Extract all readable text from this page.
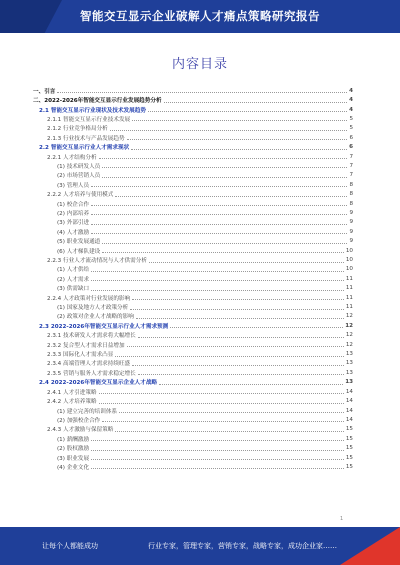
智能交互显示企业破解人才痛点策略研究报告
内容目录
一、引言	4
二、2022-2026年智能交互显示行业发展趋势分析	4
2.1 智能交互显示行业现状及技术发展趋势	4
2.1.1 智能交互显示行业技术发展	5
2.1.2 行业竞争格局分析	5
2.1.3 行业技术与产品发展趋势	6
2.2 智能交互显示行业人才需求现状	6
2.2.1 人才结构分析	7
(1) 技术研发人员	7
(2) 市场营销人员	7
(3) 管理人员	8
2.2.2 人才培养与使用模式	8
(1) 校企合作	8
(2) 内部培养	9
(3) 外部引进	9
(4) 人才激励	9
(5) 职业发展通道	9
(6) 人才梯队建设	10
2.2.3 行业人才流动情况与人才供需分析	10
(1) 人才供给	10
(2) 人才需求	11
(3) 供需缺口	11
2.2.4 人才政策对行业发展的影响	11
(1) 国家及地方人才政策分析	11
(2) 政策对企业人才战略的影响	12
2.3 2022-2026年智能交互显示行业人才需求预测	12
2.3.1 技术研发人才需求将大幅增长	12
2.3.2 复合型人才需求日益增加	12
2.3.3 国际化人才需求凸显	13
2.3.4 高端管理人才需求持续旺盛	13
2.3.5 营销与服务人才需求稳定增长	13
2.4 2022-2026年智能交互显示企业人才战略	13
2.4.1 人才引进策略	14
2.4.2 人才培养策略	14
(1) 建立完善的培训体系	14
(2) 加强校企合作	14
2.4.3 人才激励与保留策略	15
(1) 薪酬激励	15
(2) 股权激励	15
(3) 职业发展	15
(4) 企业文化	15
1
让每个人都能成功	行业专家，管理专家，营销专家，战略专家，成功企业家……
